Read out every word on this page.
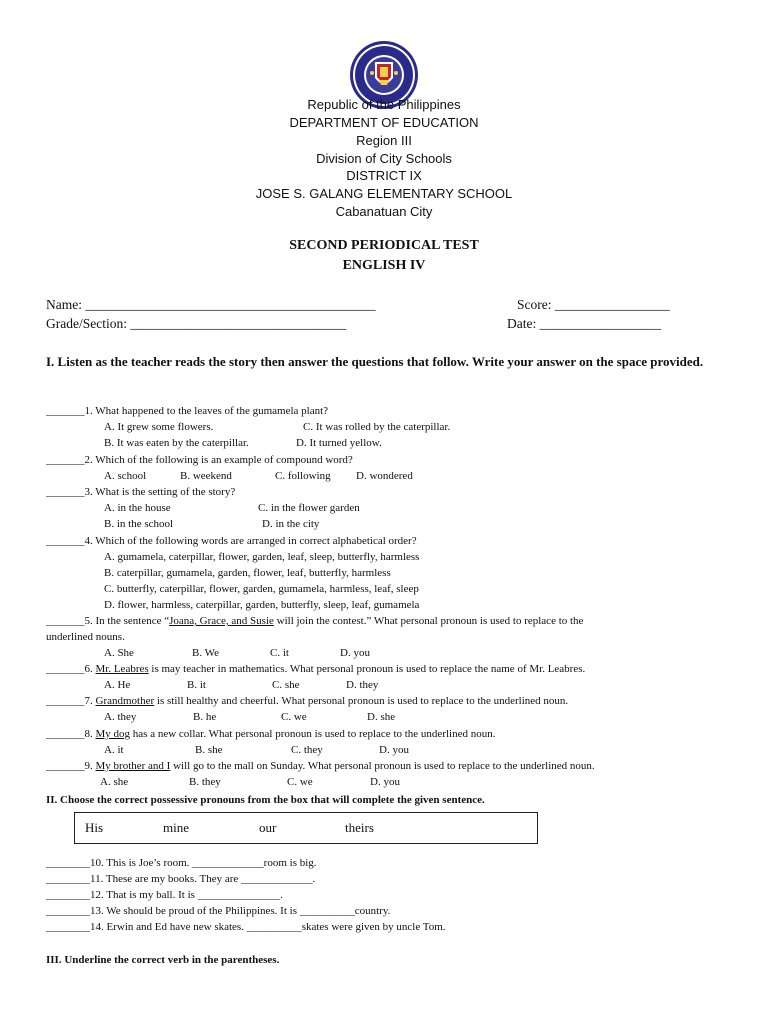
Republic of the Philippines
DEPARTMENT OF EDUCATION
Region III
Division of City Schools
DISTRICT IX
JOSE S. GALANG ELEMENTARY SCHOOL
Cabanatuan City
SECOND PERIODICAL TEST
ENGLISH IV
Name: ___________________________________________	Score: _________________
Grade/Section: ________________________________	Date: __________________
I. Listen as the teacher reads the story then answer the questions that follow. Write your answer on the space provided.
_______1. What happened to the leaves of the gumamela plant?
A. It grew some flowers.	C. It was rolled by the caterpillar.
B. It was eaten by the caterpillar.	D. It turned yellow.
_______2. Which of the following is an example of compound word?
A. school	B. weekend	C. following D. wondered
_______3. What is the setting of the story?
A. in the house	C. in the flower garden
B. in the school	D. in the city
_______4. Which of the following words are arranged in correct alphabetical order?
A. gumamela, caterpillar, flower, garden, leaf, sleep, butterfly, harmless
B. caterpillar, gumamela, garden, flower, leaf, butterfly, harmless
C. butterfly, caterpillar, flower, garden, gumamela, harmless, leaf, sleep
D. flower, harmless, caterpillar, garden, butterfly, sleep, leaf, gumamela
_______5. In the sentence “Joana, Grace, and Susie will join the contest.” What personal pronoun is used to replace to the
underlined nouns.
A. She	B. We	C. it	D. you
_______6. Mr. Leabres is may teacher in mathematics. What personal pronoun is used to replace the name of Mr. Leabres.
A. He	B. it	C. she	D. they
_______7. Grandmother is still healthy and cheerful. What personal pronoun is used to replace to the underlined noun.
A. they	B. he	C. we	D. she
_______8. My dog has a new collar. What personal pronoun is used to replace to the underlined noun.
A. it	B. she	C. they	D. you
_______9. My brother and I will go to the mall on Sunday. What personal pronoun is used to replace to the underlined noun.
A. she	B. they	C. we	D. you
II. Choose the correct possessive pronouns from the box that will complete the given sentence.
His	mine	our	theirs
________10. This is Joe’s room. _____________room is big.
________11. These are my books. They are _____________.
________12. That is my ball. It is _______________.
________13. We should be proud of the Philippines. It is __________country.
________14. Erwin and Ed have new skates. __________skates were given by uncle Tom.
III. Underline the correct verb in the parentheses.
